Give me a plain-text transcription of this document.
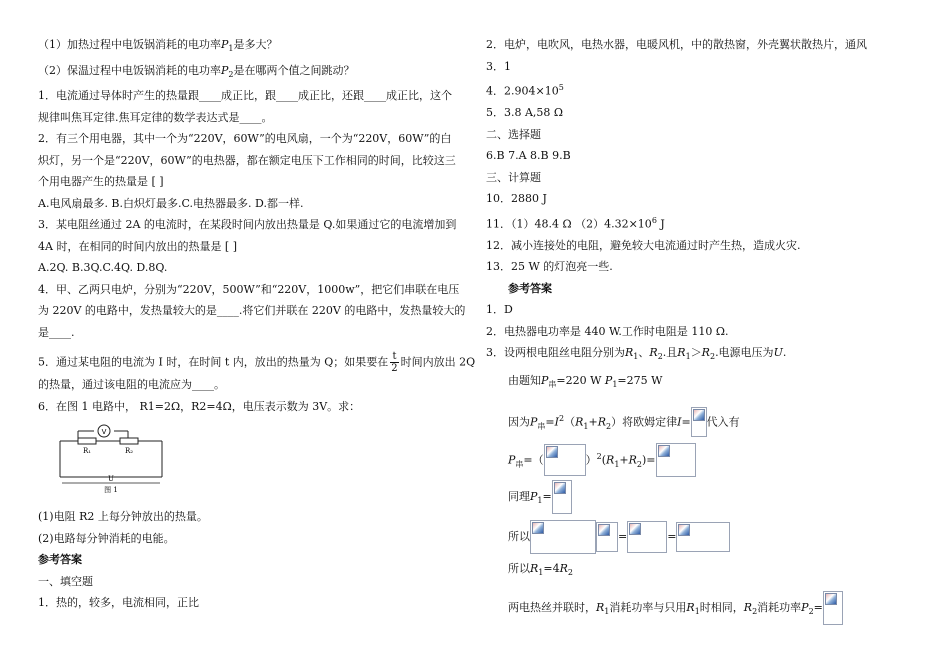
（1）加热过程中电饭锅消耗的电功率$P_1$是多大？
（2）保温过程中电饭锅消耗的电功率$P_2$是在哪两个值之间跳动？
1．电流通过导体时产生的热量跟____成正比，跟____成正比，还跟____成正比，这个
规律叫焦耳定律.焦耳定律的数学表达式是____。
2．有三个用电器，其中一个为“220V，60W”的电风扇，一个为“220V，60W”的白
炽灯，另一个是“220V，60W”的电热器，都在额定电压下工作相同的时间，比较这三
个用电器产生的热量是 [ ]
A.电风扇最多. B.白炽灯最多.C.电热器最多. D.都一样.
3．某电阻丝通过 2A 的电流时，在某段时间内放出热量是 Q.如果通过它的电流增加到
4A 时，在相同的时间内放出的热量是 [ ]
A.2Q. B.3Q.C.4Q. D.8Q.
4．甲、乙两只电炉，分别为“220V，500W”和“220V，1000w”，把它们串联在电压
为 220V 的电路中，发热量较大的是____.将它们并联在 220V 的电路中，发热量较大的
是____.
5．通过某电阻的电流为 I 时，在时间 t 内，放出的热量为 Q；如果要在 $\frac{t}{2}$ 时间内放出 2Q
的热量，通过该电阻的电流应为____。
6．在图 1 电路中， R1=2Ω，R2=4Ω，电压表示数为 3V。求：
V
R₁	R₂
U
图 1
(1)电阻 R2 上每分钟放出的热量。
(2)电路每分钟消耗的电能。
参考答案
一、填空题
1．热的，较多，电流相同，正比
2．电炉，电吹风，电热水器，电暖风机，中的散热窗，外壳翼状散热片，通风
3．1
4．$2.904\times 10^5$
5．3.8 A,58 Ω
二、选择题
6.B 7.A 8.B 9.B
三、计算题
10．2880 J
11．（1）48.4 Ω $(2)4.32\times 10^6$ J
12．减小连接处的电阻，避免较大电流通过时产生热，造成火灾.
13．25 W 的灯泡亮一些.
参考答案
1．D
2．电热器电功率是 440 W.工作时电阻是 110 Ω.
3．设两根电阻丝电阻分别为$R_1$、$R_2$.且$R_1>R_2$.电源电压为U.
由题知$P_串=220$ W $P_1=275$ W
因为$P_串=I^2(R_1+R_2)$将欧姆定律I= 代入有
$P_串=$（	）$^2(R_1+R_2)=$
同理$P_1=$
所以	=	=
所以$R_1=4R_2$
两电热丝并联时，$R_1$消耗功率与只用$R_1$时相同，$R_2$消耗功率$P_2=$
